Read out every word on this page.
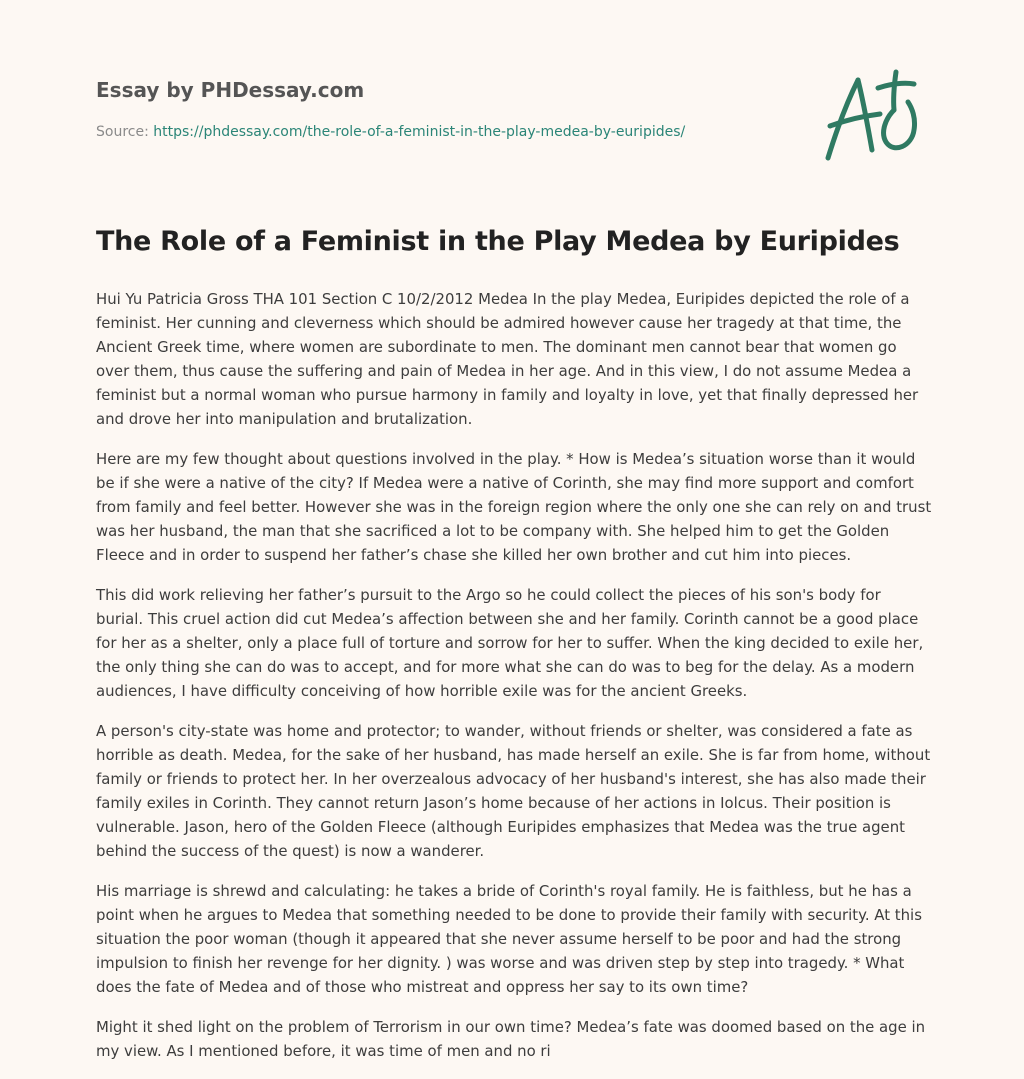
Essay by PHDessay.com
Source: https://phdessay.com/the-role-of-a-feminist-in-the-play-medea-by-euripides/
The Role of a Feminist in the Play Medea by Euripides

Hui Yu Patricia Gross THA 101 Section C 10/2/2012 Medea In the play Medea, Euripides depicted the role of a feminist. Her cunning and cleverness which should be admired however cause her tragedy at that time, the Ancient Greek time, where women are subordinate to men. The dominant men cannot bear that women go over them, thus cause the suffering and pain of Medea in her age. And in this view, I do not assume Medea a feminist but a normal woman who pursue harmony in family and loyalty in love, yet that finally depressed her and drove her into manipulation and brutalization.

Here are my few thought about questions involved in the play. * How is Medea’s situation worse than it would be if she were a native of the city? If Medea were a native of Corinth, she may find more support and comfort from family and feel better. However she was in the foreign region where the only one she can rely on and trust was her husband, the man that she sacrificed a lot to be company with. She helped him to get the Golden Fleece and in order to suspend her father’s chase she killed her own brother and cut him into pieces.

This did work relieving her father’s pursuit to the Argo so he could collect the pieces of his son's body for burial. This cruel action did cut Medea’s affection between she and her family. Corinth cannot be a good place for her as a shelter, only a place full of torture and sorrow for her to suffer. When the king decided to exile her, the only thing she can do was to accept, and for more what she can do was to beg for the delay. As a modern audiences, I have difficulty conceiving of how horrible exile was for the ancient Greeks.

A person's city-state was home and protector; to wander, without friends or shelter, was considered a fate as horrible as death. Medea, for the sake of her husband, has made herself an exile. She is far from home, without family or friends to protect her. In her overzealous advocacy of her husband's interest, she has also made their family exiles in Corinth. They cannot return Jason’s home because of her actions in Iolcus. Their position is vulnerable. Jason, hero of the Golden Fleece (although Euripides emphasizes that Medea was the true agent behind the success of the quest) is now a wanderer.

His marriage is shrewd and calculating: he takes a bride of Corinth's royal family. He is faithless, but he has a point when he argues to Medea that something needed to be done to provide their family with security. At this situation the poor woman (though it appeared that she never assume herself to be poor and had the strong impulsion to finish her revenge for her dignity. ) was worse and was driven step by step into tragedy. * What does the fate of Medea and of those who mistreat and oppress her say to its own time?

Might it shed light on the problem of Terrorism in our own time? Medea’s fate was doomed based on the age in my view. As I mentioned before, it was time of men and no ri
